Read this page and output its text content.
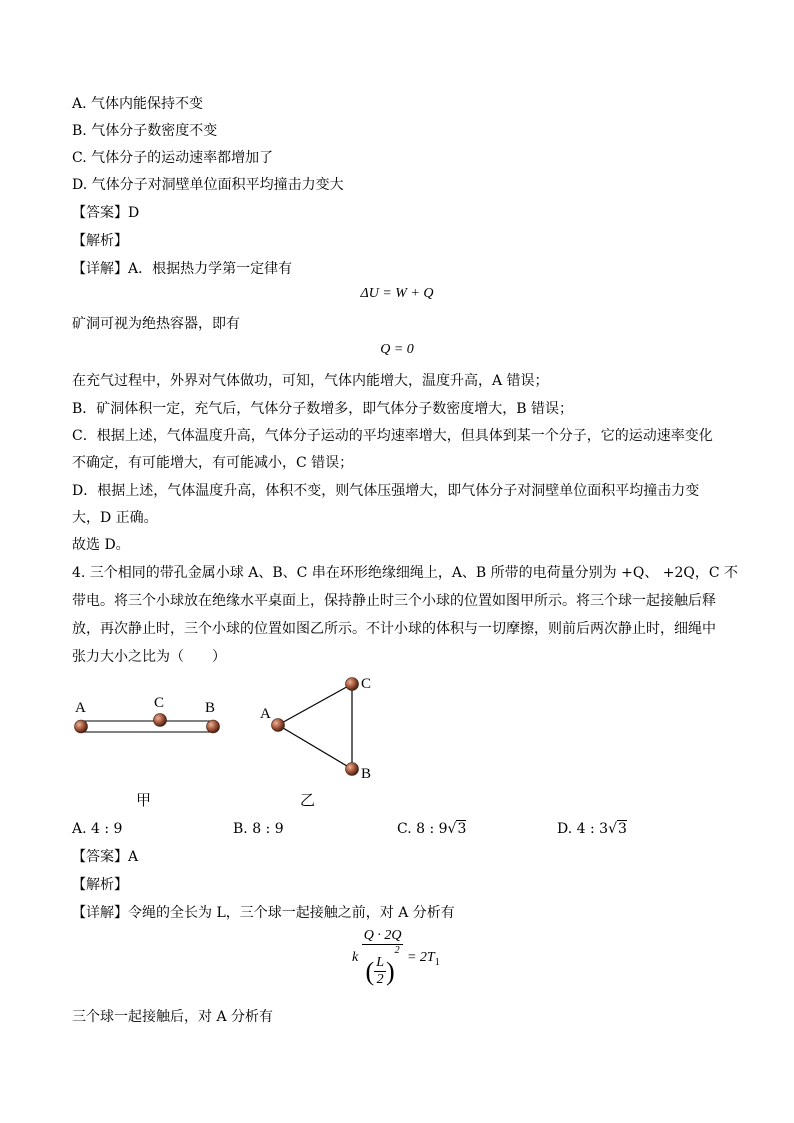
A. 气体内能保持不变
B. 气体分子数密度不变
C. 气体分子的运动速率都增加了
D. 气体分子对洞壁单位面积平均撞击力变大
【答案】D
【解析】
【详解】A．根据热力学第一定律有
ΔU = W + Q
矿洞可视为绝热容器，即有
Q = 0
在充气过程中，外界对气体做功，可知，气体内能增大，温度升高，A 错误；
B．矿洞体积一定，充气后，气体分子数增多，即气体分子数密度增大，B 错误；
C．根据上述，气体温度升高，气体分子运动的平均速率增大，但具体到某一个分子，它的运动速率变化
不确定，有可能增大，有可能减小，C 错误；
D．根据上述，气体温度升高，体积不变，则气体压强增大，即气体分子对洞壁单位面积平均撞击力变
大，D 正确。
故选 D。
4. 三个相同的带孔金属小球 A、B、C 串在环形绝缘细绳上，A、B 所带的电荷量分别为 +Q、 +2Q，C 不
带电。将三个小球放在绝缘水平桌面上，保持静止时三个小球的位置如图甲所示。将三个球一起接触后释
放，再次静止时，三个小球的位置如图乙所示。不计小球的体积与一切摩擦，则前后两次静止时，细绳中
张力大小之比为（　　）
A	C	B
甲
A
C
B
乙
A. 4 : 9	B. 8 : 9	C. 8 : 9√3	D. 4 : 3√3
【答案】A
【解析】
【详解】令绳的全长为 L，三个球一起接触之前，对 A 分析有
k $\frac{Q \cdot 2Q}{( \frac{L}{2} )^2} = 2T_1$
三个球一起接触后，对 A 分析有
